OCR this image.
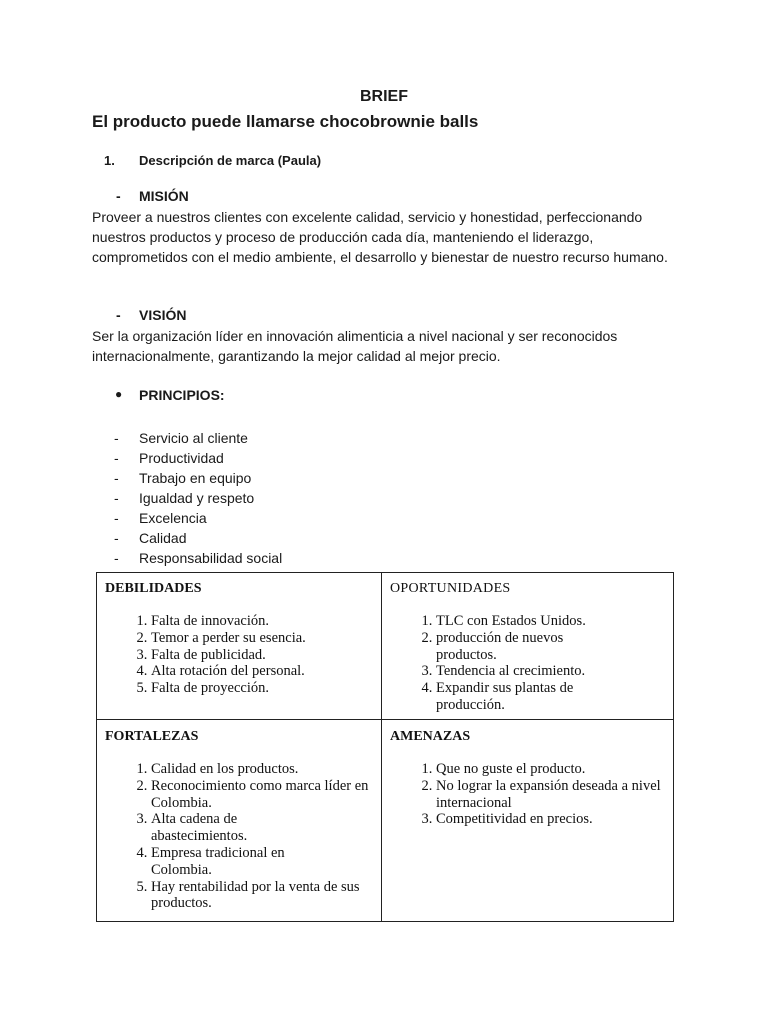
BRIEF
El producto puede llamarse chocobrownie balls
1. Descripción de marca (Paula)
- MISIÓN

Proveer a nuestros clientes con excelente calidad, servicio y honestidad, perfeccionando nuestros productos y proceso de producción cada día, manteniendo el liderazgo, comprometidos con el medio ambiente, el desarrollo y bienestar de nuestro recurso humano.

- VISIÓN

Ser la organización líder en innovación alimenticia a nivel nacional y ser reconocidos internacionalmente, garantizando la mejor calidad al mejor precio.

● PRINCIPIOS:
- Servicio al cliente
- Productividad
- Trabajo en equipo
- Igualdad y respeto
- Excelencia
- Calidad
- Responsabilidad social
DEBILIDADES
1. Falta de innovación.
2. Temor a perder su esencia.
3. Falta de publicidad.
4. Alta rotación del personal.
5. Falta de proyección.
OPORTUNIDADES
1. TLC con Estados Unidos.
2. producción de nuevos productos.
3. Tendencia al crecimiento.
4. Expandir sus plantas de producción.
FORTALEZAS
1. Calidad en los productos.
2. Reconocimiento como marca líder en Colombia.
3. Alta cadena de abastecimientos.
4. Empresa tradicional en Colombia.
5. Hay rentabilidad por la venta de sus productos.
AMENAZAS
1. Que no guste el producto.
2. No lograr la expansión deseada a nivel internacional
3. Competitividad en precios.
